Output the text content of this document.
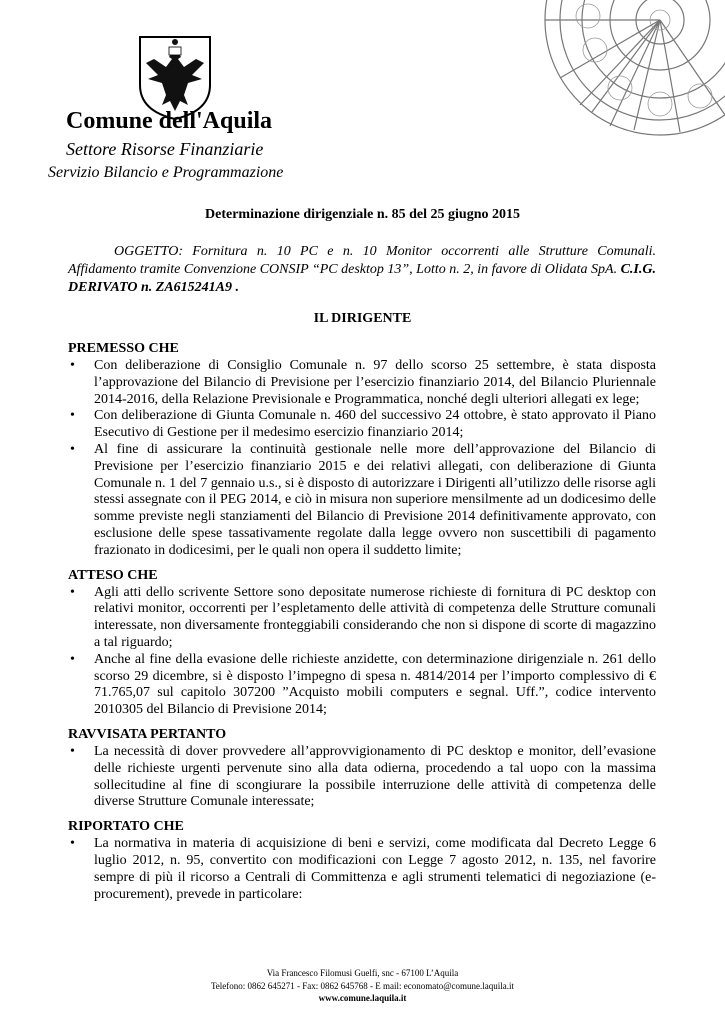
Comune dell'Aquila
Settore Risorse Finanziarie
Servizio Bilancio e Programmazione
Determinazione dirigenziale n. 85 del 25 giugno 2015
OGGETTO: Fornitura n. 10 PC e n. 10 Monitor occorrenti alle Strutture Comunali. Affidamento tramite Convenzione CONSIP “PC desktop 13”, Lotto n. 2, in favore di Olidata SpA. C.I.G. DERIVATO n. ZA615241A9 .
IL DIRIGENTE
PREMESSO CHE
• Con deliberazione di Consiglio Comunale n. 97 dello scorso 25 settembre, è stata disposta l’approvazione del Bilancio di Previsione per l’esercizio finanziario 2014, del Bilancio Pluriennale 2014-2016, della Relazione Previsionale e Programmatica, nonché degli ulteriori allegati ex lege;
• Con deliberazione di Giunta Comunale n. 460 del successivo 24 ottobre, è stato approvato il Piano Esecutivo di Gestione per il medesimo esercizio finanziario 2014;
• Al fine di assicurare la continuità gestionale nelle more dell’approvazione del Bilancio di Previsione per l’esercizio finanziario 2015 e dei relativi allegati, con deliberazione di Giunta Comunale n. 1 del 7 gennaio u.s., si è disposto di autorizzare i Dirigenti all’utilizzo delle risorse agli stessi assegnate con il PEG 2014, e ciò in misura non superiore mensilmente ad un dodicesimo delle somme previste negli stanziamenti del Bilancio di Previsione 2014 definitivamente approvato, con esclusione delle spese tassativamente regolate dalla legge ovvero non suscettibili di pagamento frazionato in dodicesimi, per le quali non opera il suddetto limite;
ATTESO CHE
• Agli atti dello scrivente Settore sono depositate numerose richieste di fornitura di PC desktop con relativi monitor, occorrenti per l’espletamento delle attività di competenza delle Strutture comunali interessate, non diversamente fronteggiabili considerando che non si dispone di scorte di magazzino a tal riguardo;
• Anche al fine della evasione delle richieste anzidette, con determinazione dirigenziale n. 261 dello scorso 29 dicembre, si è disposto l’impegno di spesa n. 4814/2014 per l’importo complessivo di € 71.765,07 sul capitolo 307200 ”Acquisto mobili computers e segnal. Uff.”, codice intervento 2010305 del Bilancio di Previsione 2014;
RAVVISATA PERTANTO
• La necessità di dover provvedere all’approvvigionamento di PC desktop e monitor, dell’evasione delle richieste urgenti pervenute sino alla data odierna, procedendo a tal uopo con la massima sollecitudine al fine di scongiurare la possibile interruzione delle attività di competenza delle diverse Strutture Comunale interessate;
RIPORTATO CHE
• La normativa in materia di acquisizione di beni e servizi, come modificata dal Decreto Legge 6 luglio 2012, n. 95, convertito con modificazioni con Legge 7 agosto 2012, n. 135, nel favorire sempre di più il ricorso a Centrali di Committenza e agli strumenti telematici di negoziazione (e-procurement), prevede in particolare:
Via Francesco Filomusi Guelfi, snc - 67100 L’Aquila
Telefono: 0862 645271 - Fax: 0862 645768 - E mail: economato@comune.laquila.it
www.comune.laquila.it
